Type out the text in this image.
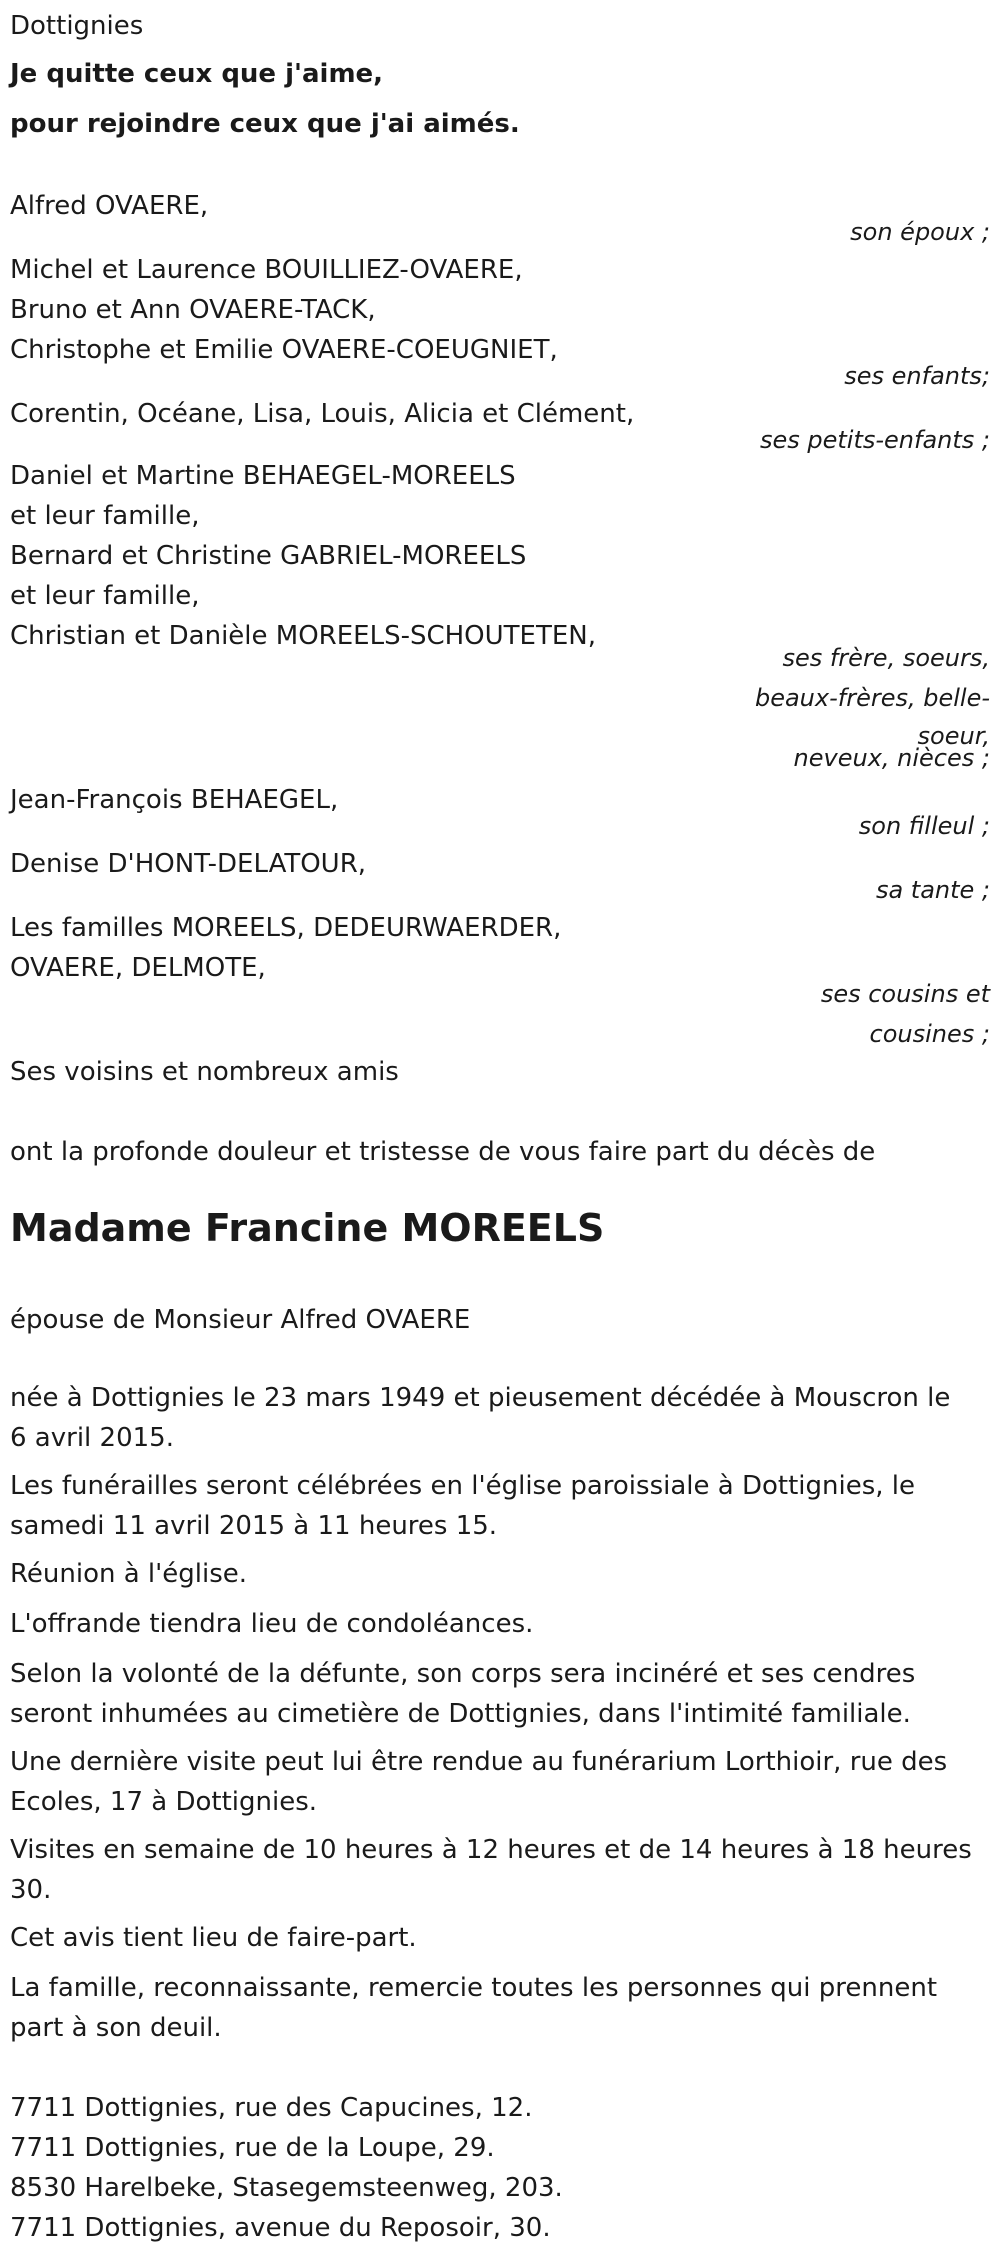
Dottignies
Je quitte ceux que j'aime,
pour rejoindre ceux que j'ai aimés.
Alfred OVAERE,
son époux ;
Michel et Laurence BOUILLIEZ-OVAERE,
Bruno et Ann OVAERE-TACK,
Christophe et Emilie OVAERE-COEUGNIET,
ses enfants;
Corentin, Océane, Lisa, Louis, Alicia et Clément,
ses petits-enfants ;
Daniel et Martine BEHAEGEL-MOREELS
et leur famille,
Bernard et Christine GABRIEL-MOREELS
et leur famille,
Christian et Danièle MOREELS-SCHOUTETEN,
ses frère, soeurs,
beaux-frères, belle-
soeur,
neveux, nièces ;
Jean-François BEHAEGEL,
son filleul ;
Denise D'HONT-DELATOUR,
sa tante ;
Les familles MOREELS, DEDEURWAERDER,
OVAERE, DELMOTE,
ses cousins et
cousines ;
Ses voisins et nombreux amis
ont la profonde douleur et tristesse de vous faire part du décès de
Madame Francine MOREELS
épouse de Monsieur Alfred OVAERE
née à Dottignies le 23 mars 1949 et pieusement décédée à Mouscron le
6 avril 2015.
Les funérailles seront célébrées en l'église paroissiale à Dottignies, le
samedi 11 avril 2015 à 11 heures 15.
Réunion à l'église.
L'offrande tiendra lieu de condoléances.
Selon la volonté de la défunte, son corps sera incinéré et ses cendres
seront inhumées au cimetière de Dottignies, dans l'intimité familiale.
Une dernière visite peut lui être rendue au funérarium Lorthioir, rue des
Ecoles, 17 à Dottignies.
Visites en semaine de 10 heures à 12 heures et de 14 heures à 18 heures
30.
Cet avis tient lieu de faire-part.
La famille, reconnaissante, remercie toutes les personnes qui prennent
part à son deuil.
7711 Dottignies, rue des Capucines, 12.
7711 Dottignies, rue de la Loupe, 29.
8530 Harelbeke, Stasegemsteenweg, 203.
7711 Dottignies, avenue du Reposoir, 30.
